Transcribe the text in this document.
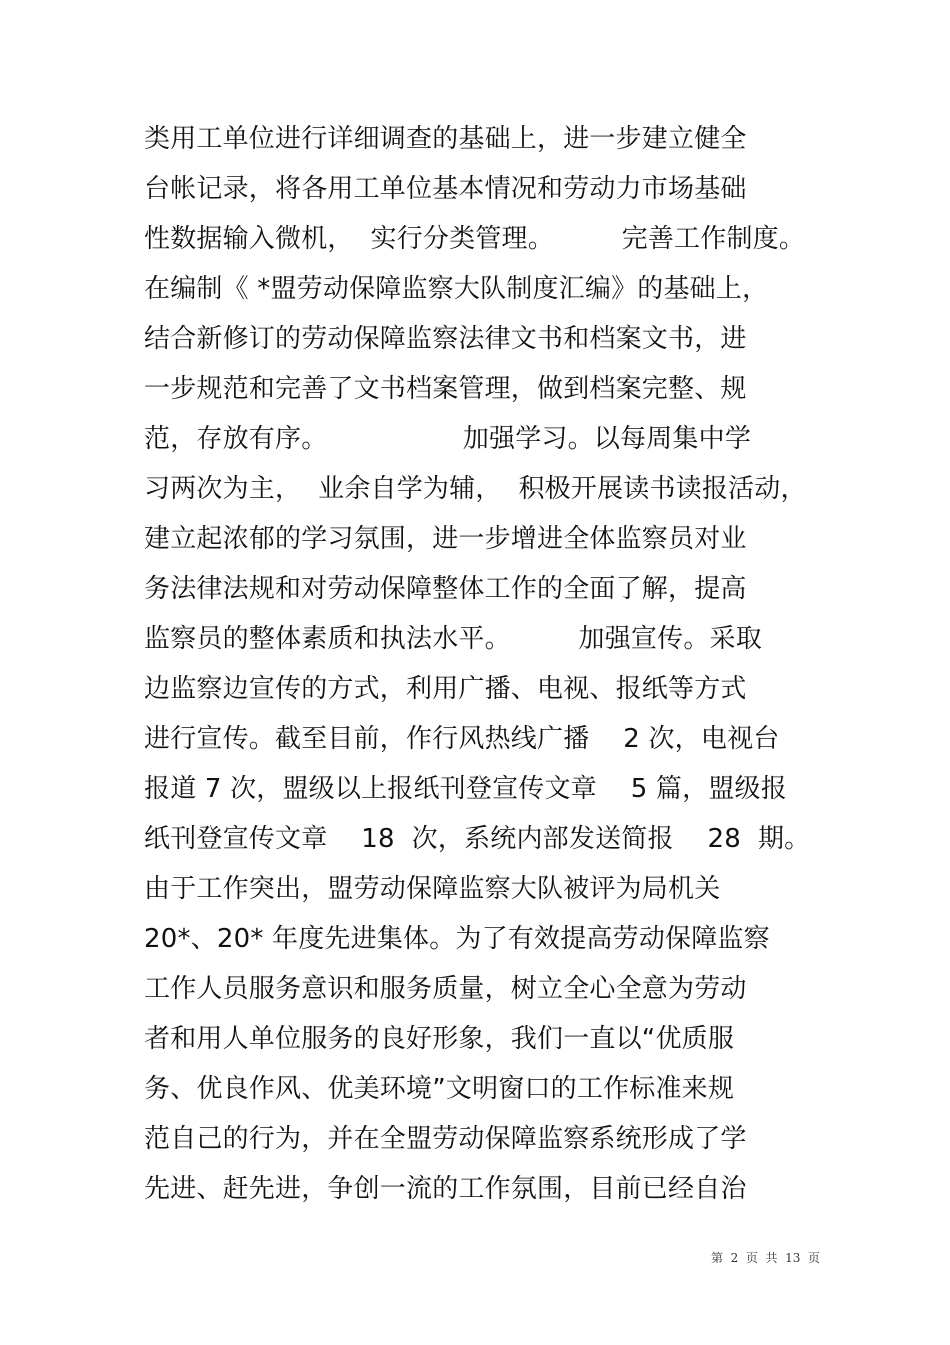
类用工单位进行详细调查的基础上，进一步建立健全
台帐记录，将各用工单位基本情况和劳动力市场基础
性数据输入微机，  实行分类管理。        完善工作制度。
在编制《 *盟劳动保障监察大队制度汇编》的基础上，
结合新修订的劳动保障监察法律文书和档案文书，进
一步规范和完善了文书档案管理，做到档案完整、规
范，存放有序。                加强学习。以每周集中学
习两次为主，  业余自学为辅，  积极开展读书读报活动，
建立起浓郁的学习氛围，进一步增进全体监察员对业
务法律法规和对劳动保障整体工作的全面了解，提高
监察员的整体素质和执法水平。        加强宣传。采取
边监察边宣传的方式，利用广播、电视、报纸等方式
进行宣传。截至目前，作行风热线广播    2 次，电视台
报道 7 次，盟级以上报纸刊登宣传文章    5 篇，盟级报
纸刊登宣传文章    18  次，系统内部发送简报    28  期。
由于工作突出，盟劳动保障监察大队被评为局机关
20*、20* 年度先进集体。为了有效提高劳动保障监察
工作人员服务意识和服务质量，树立全心全意为劳动
者和用人单位服务的良好形象，我们一直以“优质服
务、优良作风、优美环境”文明窗口的工作标准来规
范自己的行为，并在全盟劳动保障监察系统形成了学
先进、赶先进，争创一流的工作氛围，目前已经自治
第  2  页  共  13  页
